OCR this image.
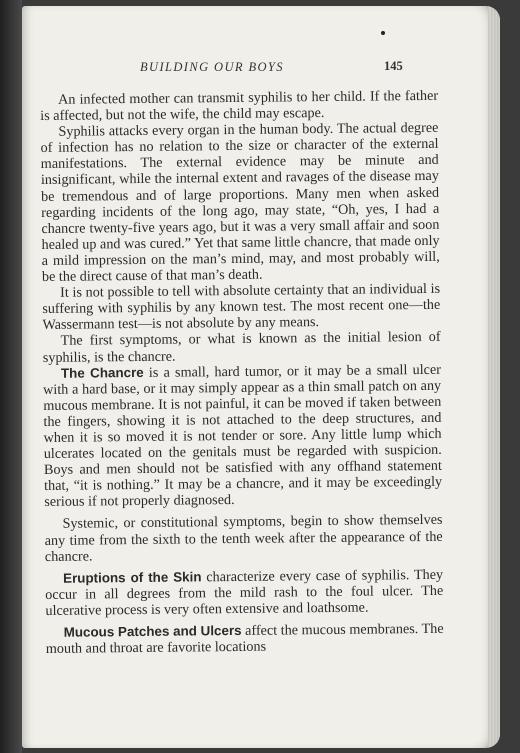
BUILDING OUR BOYS	145

An infected mother can transmit syphilis to her child. If the father is affected, but not the wife, the child may escape.

Syphilis attacks every organ in the human body. The actual degree of infection has no relation to the size or character of the external manifestations. The external evidence may be minute and insignificant, while the internal extent and ravages of the disease may be tremendous and of large proportions. Many men when asked regarding incidents of the long ago, may state, “Oh, yes, I had a chancre twenty-five years ago, but it was a very small affair and soon healed up and was cured.” Yet that same little chancre, that made only a mild impression on the man’s mind, may, and most probably will, be the direct cause of that man’s death.

It is not possible to tell with absolute certainty that an individual is suffering with syphilis by any known test. The most recent one—the Wassermann test—is not absolute by any means.

The first symptoms, or what is known as the initial lesion of syphilis, is the chancre.

The Chancre is a small, hard tumor, or it may be a small ulcer with a hard base, or it may simply appear as a thin small patch on any mucous membrane. It is not painful, it can be moved if taken between the fingers, showing it is not attached to the deep structures, and when it is so moved it is not tender or sore. Any little lump which ulcerates located on the genitals must be regarded with suspicion. Boys and men should not be satisfied with any offhand statement that, “it is nothing.” It may be a chancre, and it may be exceedingly serious if not properly diagnosed.

Systemic, or constitutional symptoms, begin to show themselves any time from the sixth to the tenth week after the appearance of the chancre.

Eruptions of the Skin characterize every case of syphilis. They occur in all degrees from the mild rash to the foul ulcer. The ulcerative process is very often extensive and loathsome.

Mucous Patches and Ulcers affect the mucous membranes. The mouth and throat are favorite locations
